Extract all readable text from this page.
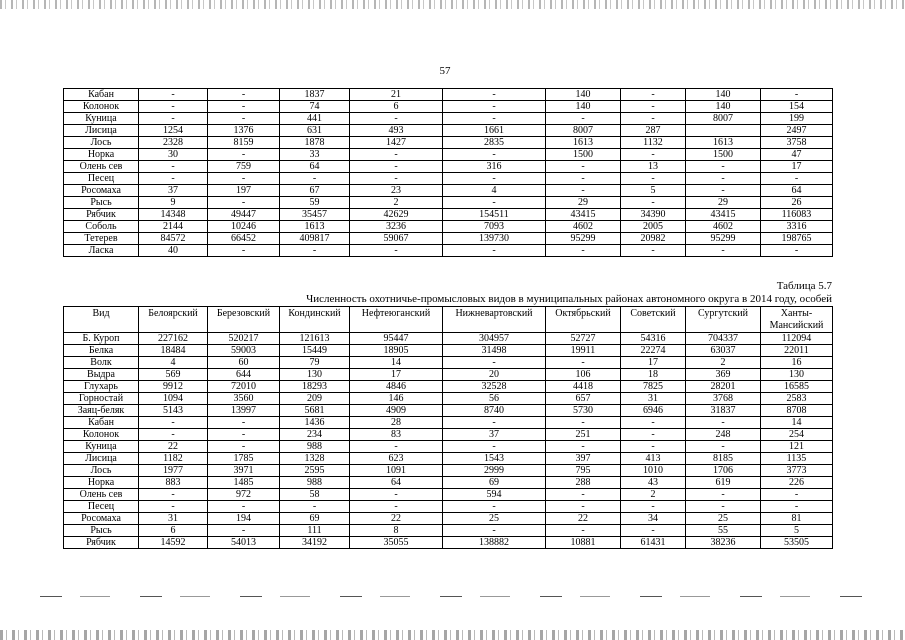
57
Кабан	-	-	1837	21	-	140	-	140	-
Колонок	-	-	74	6	-	140	-	140	154
Куница	-	-	441	-	-	-	-	8007	199
Лисица	1254	1376	631	493	1661	8007	287		2497
Лось	2328	8159	1878	1427	2835	1613	1132	1613	3758
Норка	30	-	33	-	-	1500	-	1500	47
Олень сев	-	759	64	-	316	-	13	-	17
Песец	-	-	-	-	-	-	-	-	-
Росомаха	37	197	67	23	4	-	5	-	64
Рысь	9	-	59	2	-	29	-	29	26
Рябчик	14348	49447	35457	42629	154511	43415	34390	43415	116083
Соболь	2144	10246	1613	3236	7093	4602	2005	4602	3316
Тетерев	84572	66452	409817	59067	139730	95299	20982	95299	198765
Ласка	40	-	-	-	-	-	-	-	-
Таблица 5.7
Численность охотничье-промысловых видов в муниципальных районах автономного округа в 2014 году, особей
Вид	Белоярский	Березовский	Кондинский	Нефтеюганский	Нижневартовский	Октябрьский	Советский	Сургутский	Ханты-
Мансийский
Б. Куроп	227162	520217	121613	95447	304957	52727	54316	704337	112094
Белка	18484	59003	15449	18905	31498	19911	22274	63037	22011
Волк	4	60	79	14	-	-	17	2	16
Выдра	569	644	130	17	20	106	18	369	130
Глухарь	9912	72010	18293	4846	32528	4418	7825	28201	16585
Горностай	1094	3560	209	146	56	657	31	3768	2583
Заяц-беляк	5143	13997	5681	4909	8740	5730	6946	31837	8708
Кабан	-	-	1436	28	-	-	-	-	14
Колонок	-	-	234	83	37	251	-	248	254
Куница	22	-	988	-	-	-	-	-	121
Лисица	1182	1785	1328	623	1543	397	413	8185	1135
Лось	1977	3971	2595	1091	2999	795	1010	1706	3773
Норка	883	1485	988	64	69	288	43	619	226
Олень сев	-	972	58	-	594	-	2	-	-
Песец	-	-	-	-	-	-	-	-	-
Росомаха	31	194	69	22	25	22	34	25	81
Рысь	6	-	111	8	-	-	-	55	5
Рябчик	14592	54013	34192	35055	138882	10881	61431	38236	53505
